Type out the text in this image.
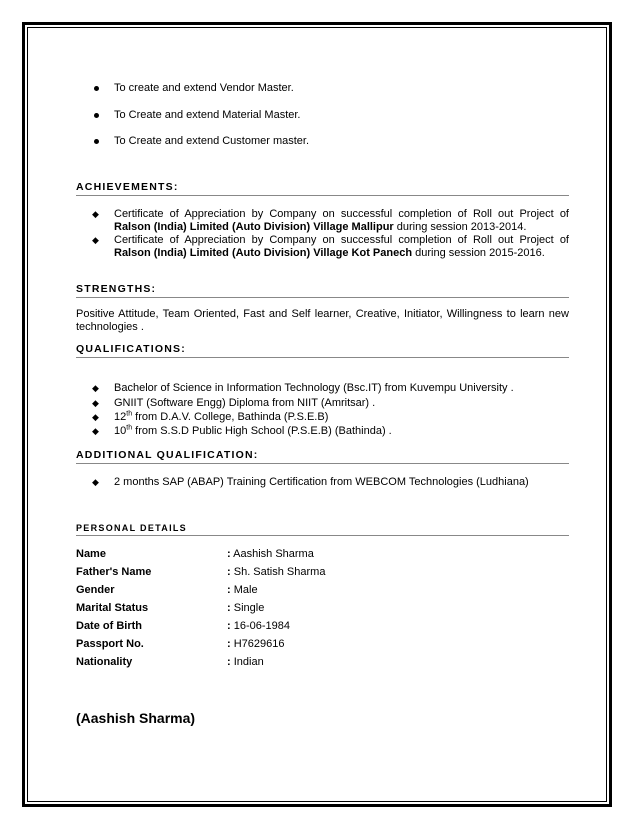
To create and extend Vendor Master.
To Create and extend Material Master.
To Create and extend Customer master.
ACHIEVEMENTS:
◆ Certificate of Appreciation by Company on successful completion of Roll out Project of Ralson (India) Limited (Auto Division) Village Mallipur during session 2013-2014.
◆ Certificate of Appreciation by Company on successful completion of Roll out Project of Ralson (India) Limited (Auto Division) Village Kot Panech during session 2015-2016.
STRENGTHS:
Positive Attitude, Team Oriented, Fast and Self learner, Creative, Initiator, Willingness to learn new technologies .
QUALIFICATIONS:
◆ Bachelor of Science in Information Technology (Bsc.IT) from Kuvempu University .
◆ GNIIT (Software Engg) Diploma from NIIT (Amritsar) .
◆ 12th from D.A.V. College, Bathinda (P.S.E.B)
◆ 10th from S.S.D Public High School (P.S.E.B) (Bathinda) .
ADDITIONAL QUALIFICATION:
◆ 2 months SAP (ABAP) Training Certification from WEBCOM Technologies (Ludhiana)
PERSONAL DETAILS
Name	: Aashish Sharma
Father's Name	: Sh. Satish Sharma
Gender	: Male
Marital Status	: Single
Date of Birth	: 16-06-1984
Passport No.	: H7629616
Nationality	: Indian
(Aashish Sharma)
